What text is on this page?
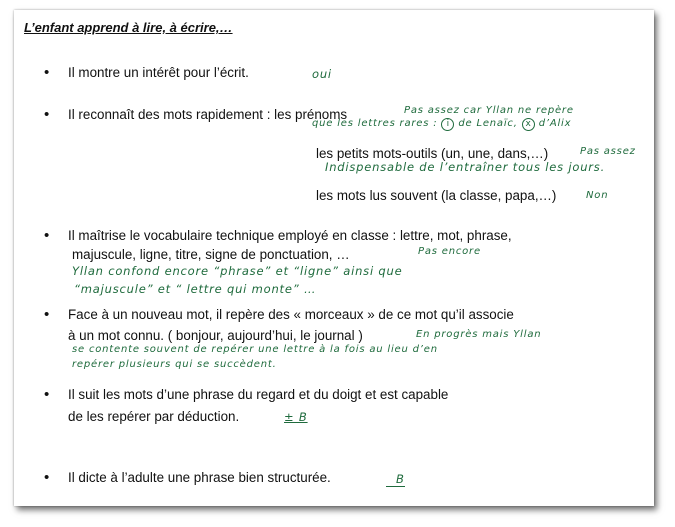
L’enfant apprend à lire, à écrire,…
• Il montre un intérêt pour l’écrit.	oui
• Il reconnaît des mots rapidement : les prénoms	Pas assez car Yllan ne repère
que les lettres rares : i de Lenaïc, x d’Alix
les petits mots-outils (un, une, dans,…)	Pas assez
Indispensable de l’entraîner tous les jours.
les mots lus souvent (la classe, papa,…)	Non
• Il maîtrise le vocabulaire technique employé en classe : lettre, mot, phrase,
majuscule, ligne, titre, signe de ponctuation, …	Pas encore
Yllan confond encore “phrase” et “ligne” ainsi que
“majuscule” et “ lettre qui monte” …
• Face à un nouveau mot, il repère des « morceaux » de ce mot qu’il associe
à un mot connu. ( bonjour, aujourd’hui, le journal )	En progrès mais Yllan
se contente souvent de repérer une lettre à la fois au lieu d’en
repérer plusieurs qui se succèdent.
• Il suit les mots d’une phrase du regard et du doigt et est capable
de les repérer par déduction.	± B
• Il dicte à l’adulte une phrase bien structurée.	B
